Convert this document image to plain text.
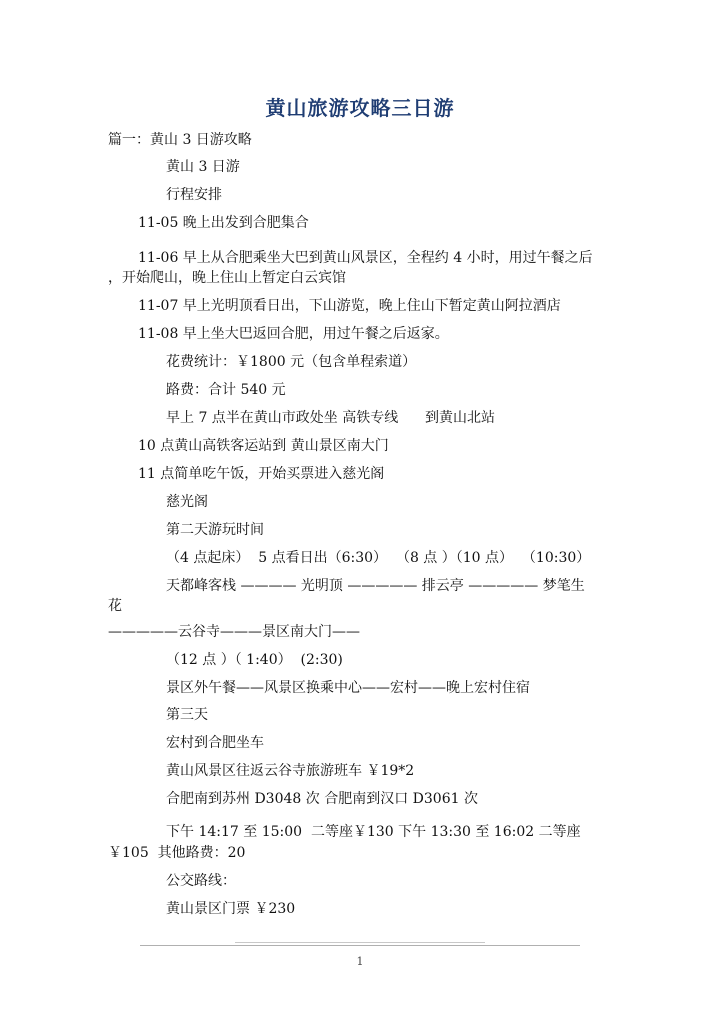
黄山旅游攻略三日游
篇一：黄山 3 日游攻略
黄山 3 日游
行程安排
11-05 晚上出发到合肥集合
11-06 早上从合肥乘坐大巴到黄山风景区，全程约 4 小时，用过午餐之后
，开始爬山，晚上住山上暂定白云宾馆
11-07 早上光明顶看日出，下山游览，晚上住山下暂定黄山阿拉酒店
11-08 早上坐大巴返回合肥，用过午餐之后返家。
花费统计：￥1800 元（包含单程索道）
路费：合计 540 元
早上 7 点半在黄山市政处坐 高铁专线      到黄山北站
10 点黄山高铁客运站到 黄山景区南大门
11 点简单吃午饭，开始买票进入慈光阁
慈光阁
第二天游玩时间
（4 点起床）  5 点看日出（6:30）  （8 点 ）（10 点）  （10:30）
天都峰客栈 ———— 光明顶 ————— 排云亭 ————— 梦笔生
花
—————云谷寺———景区南大门——
（12 点 ）（ 1:40）  (2:30)
景区外午餐——风景区换乘中心——宏村——晚上宏村住宿
第三天
宏村到合肥坐车
黄山风景区往返云谷寺旅游班车 ￥19*2
合肥南到苏州 D3048 次 合肥南到汉口 D3061 次
下午 14:17 至 15:00  二等座￥130 下午 13:30 至 16:02 二等座
￥105  其他路费：20
公交路线：
黄山景区门票 ￥230
1
